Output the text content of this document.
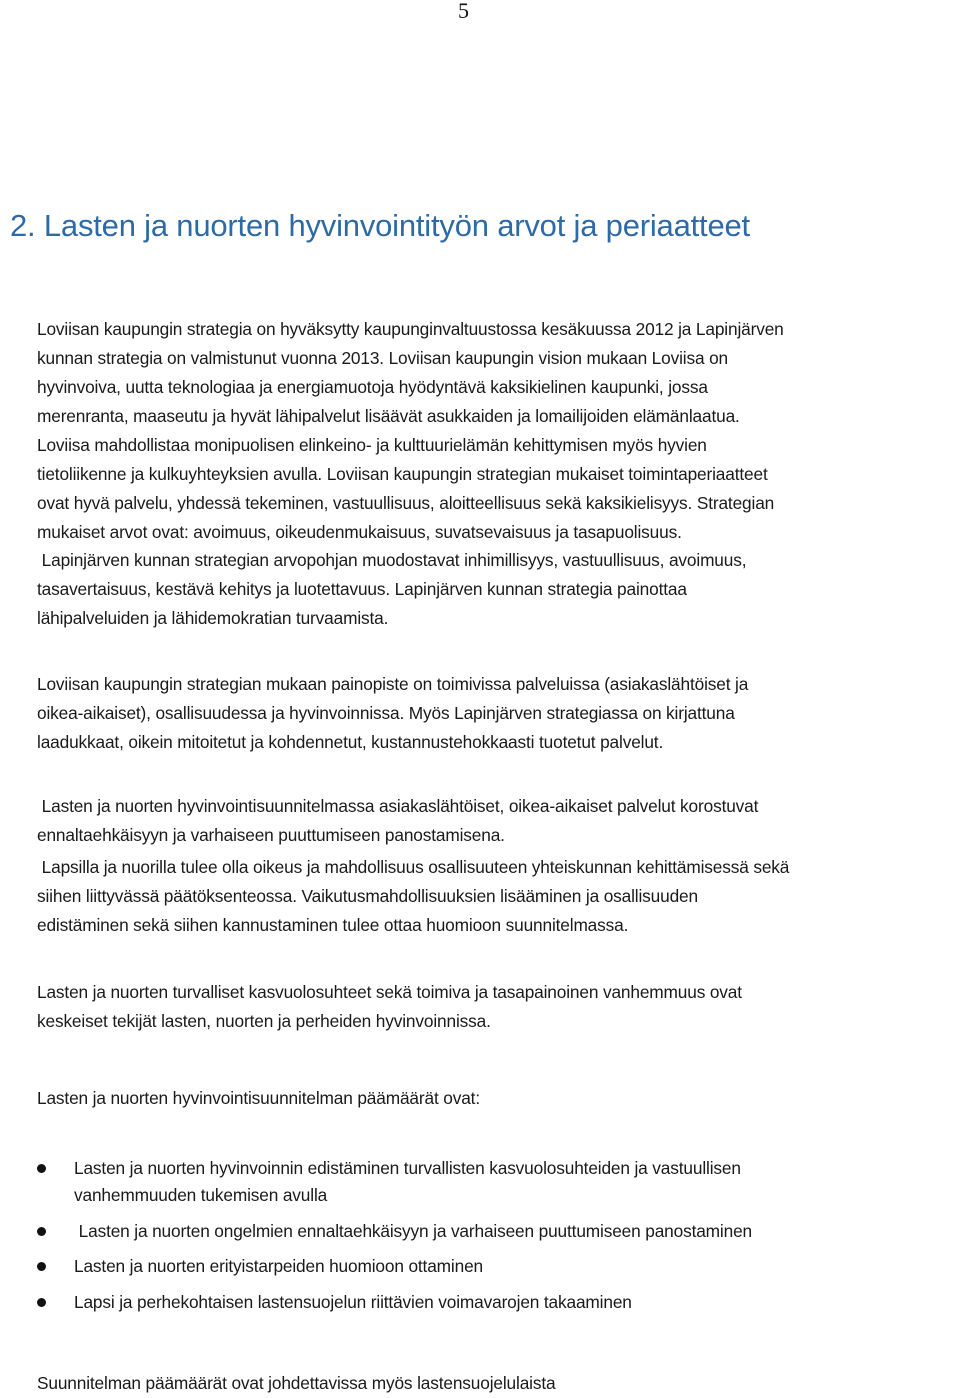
5
2. Lasten ja nuorten hyvinvointityön arvot ja periaatteet
Loviisan kaupungin strategia on hyväksytty kaupunginvaltuustossa kesäkuussa 2012 ja Lapinjärven
kunnan strategia on valmistunut vuonna 2013. Loviisan kaupungin vision mukaan Loviisa on
hyvinvoiva, uutta teknologiaa ja energiamuotoja hyödyntävä kaksikielinen kaupunki, jossa
merenranta, maaseutu ja hyvät lähipalvelut lisäävät asukkaiden ja lomailijoiden elämänlaatua.
Loviisa mahdollistaa monipuolisen elinkeino- ja kulttuurielämän kehittymisen myös hyvien
tietoliikenne ja kulkuyhteyksien avulla. Loviisan kaupungin strategian mukaiset toimintaperiaatteet
ovat hyvä palvelu, yhdessä tekeminen, vastuullisuus, aloitteellisuus sekä kaksikielisyys. Strategian
mukaiset arvot ovat: avoimuus, oikeudenmukaisuus, suvatsevaisuus ja tasapuolisuus.
Lapinjärven kunnan strategian arvopohjan muodostavat inhimillisyys, vastuullisuus, avoimuus,
tasavertaisuus, kestävä kehitys ja luotettavuus. Lapinjärven kunnan strategia painottaa
lähipalveluiden ja lähidemokratian turvaamista.
Loviisan kaupungin strategian mukaan painopiste on toimivissa palveluissa (asiakaslähtöiset ja
oikea-aikaiset), osallisuudessa ja hyvinvoinnissa. Myös Lapinjärven strategiassa on kirjattuna
laadukkaat, oikein mitoitetut ja kohdennetut, kustannustehokkaasti tuotetut palvelut.
Lasten ja nuorten hyvinvointisuunnitelmassa asiakaslähtöiset, oikea-aikaiset palvelut korostuvat
ennaltaehkäisyyn ja varhaiseen puuttumiseen panostamisena.
Lapsilla ja nuorilla tulee olla oikeus ja mahdollisuus osallisuuteen yhteiskunnan kehittämisessä sekä
siihen liittyvässä päätöksenteossa. Vaikutusmahdollisuuksien lisääminen ja osallisuuden
edistäminen sekä siihen kannustaminen tulee ottaa huomioon suunnitelmassa.
Lasten ja nuorten turvalliset kasvuolosuhteet sekä toimiva ja tasapainoinen vanhemmuus ovat
keskeiset tekijät lasten, nuorten ja perheiden hyvinvoinnissa.
Lasten ja nuorten hyvinvointisuunnitelman päämäärät ovat:
Lasten ja nuorten hyvinvoinnin edistäminen turvallisten kasvuolosuhteiden ja vastuullisen
vanhemmuuden tukemisen avulla
Lasten ja nuorten ongelmien ennaltaehkäisyyn ja varhaiseen puuttumiseen panostaminen
Lasten ja nuorten erityistarpeiden huomioon ottaminen
Lapsi ja perhekohtaisen lastensuojelun riittävien voimavarojen takaaminen
Suunnitelman päämäärät ovat johdettavissa myös lastensuojelulaista
